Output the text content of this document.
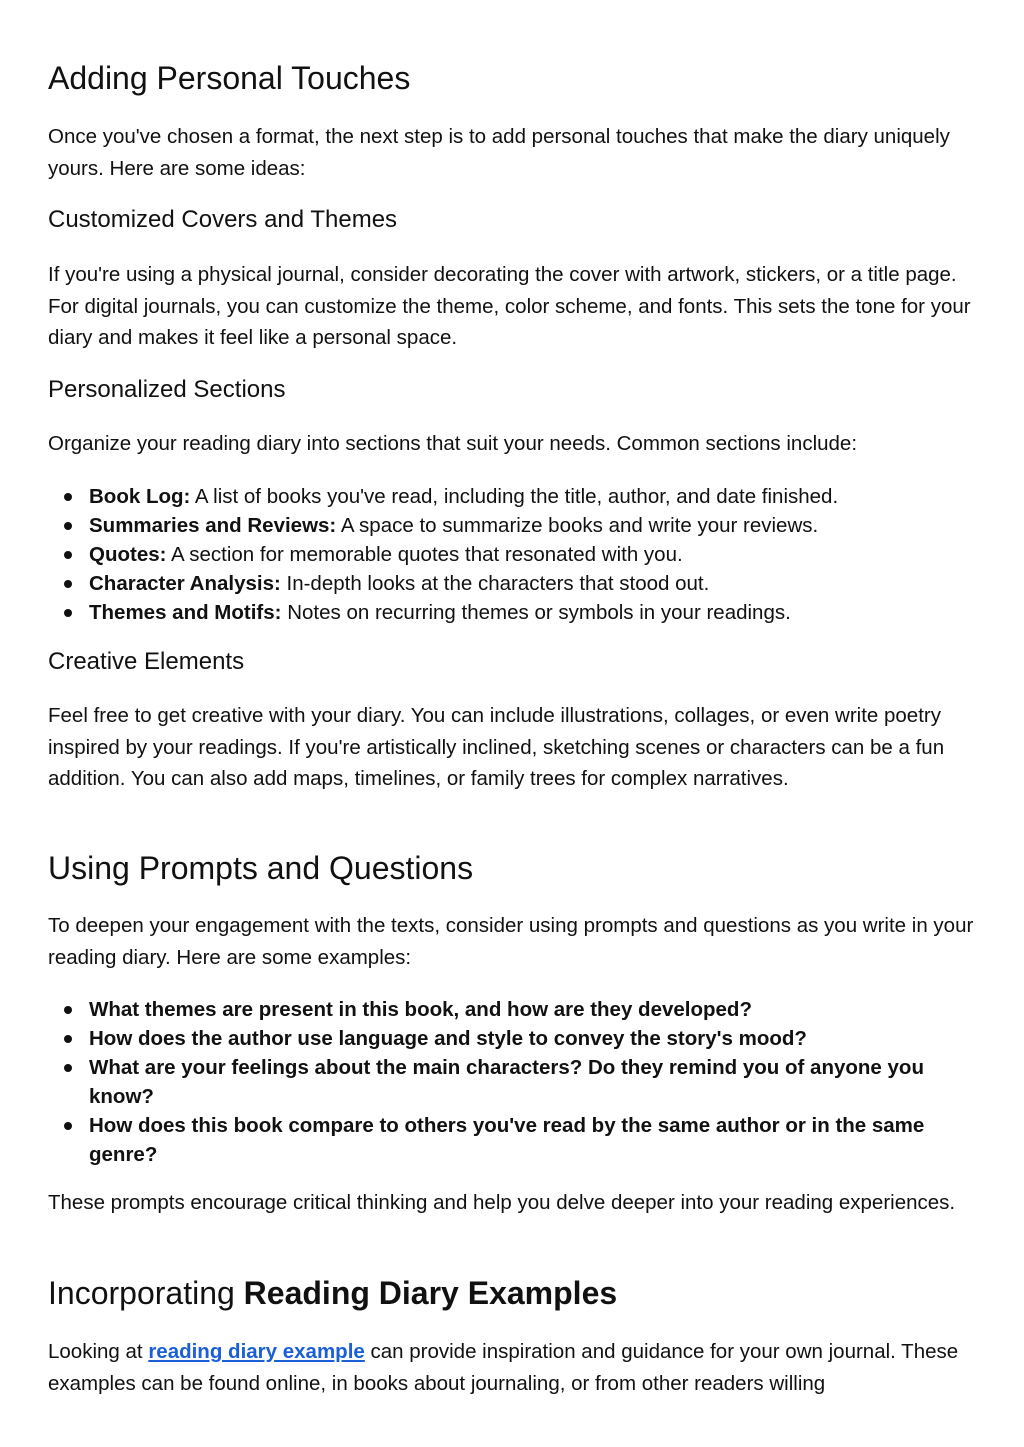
Adding Personal Touches

Once you've chosen a format, the next step is to add personal touches that make the diary uniquely yours. Here are some ideas:

Customized Covers and Themes

If you're using a physical journal, consider decorating the cover with artwork, stickers, or a title page. For digital journals, you can customize the theme, color scheme, and fonts. This sets the tone for your diary and makes it feel like a personal space.

Personalized Sections

Organize your reading diary into sections that suit your needs. Common sections include:

Book Log: A list of books you've read, including the title, author, and date finished.
Summaries and Reviews: A space to summarize books and write your reviews.
Quotes: A section for memorable quotes that resonated with you.
Character Analysis: In-depth looks at the characters that stood out.
Themes and Motifs: Notes on recurring themes or symbols in your readings.
Creative Elements

Feel free to get creative with your diary. You can include illustrations, collages, or even write poetry inspired by your readings. If you're artistically inclined, sketching scenes or characters can be a fun addition. You can also add maps, timelines, or family trees for complex narratives.

Using Prompts and Questions

To deepen your engagement with the texts, consider using prompts and questions as you write in your reading diary. Here are some examples:

What themes are present in this book, and how are they developed?
How does the author use language and style to convey the story's mood?
What are your feelings about the main characters? Do they remind you of anyone you know?
How does this book compare to others you've read by the same author or in the same genre?

These prompts encourage critical thinking and help you delve deeper into your reading experiences.

Incorporating Reading Diary Examples

Looking at reading diary example can provide inspiration and guidance for your own journal. These examples can be found online, in books about journaling, or from other readers willing
